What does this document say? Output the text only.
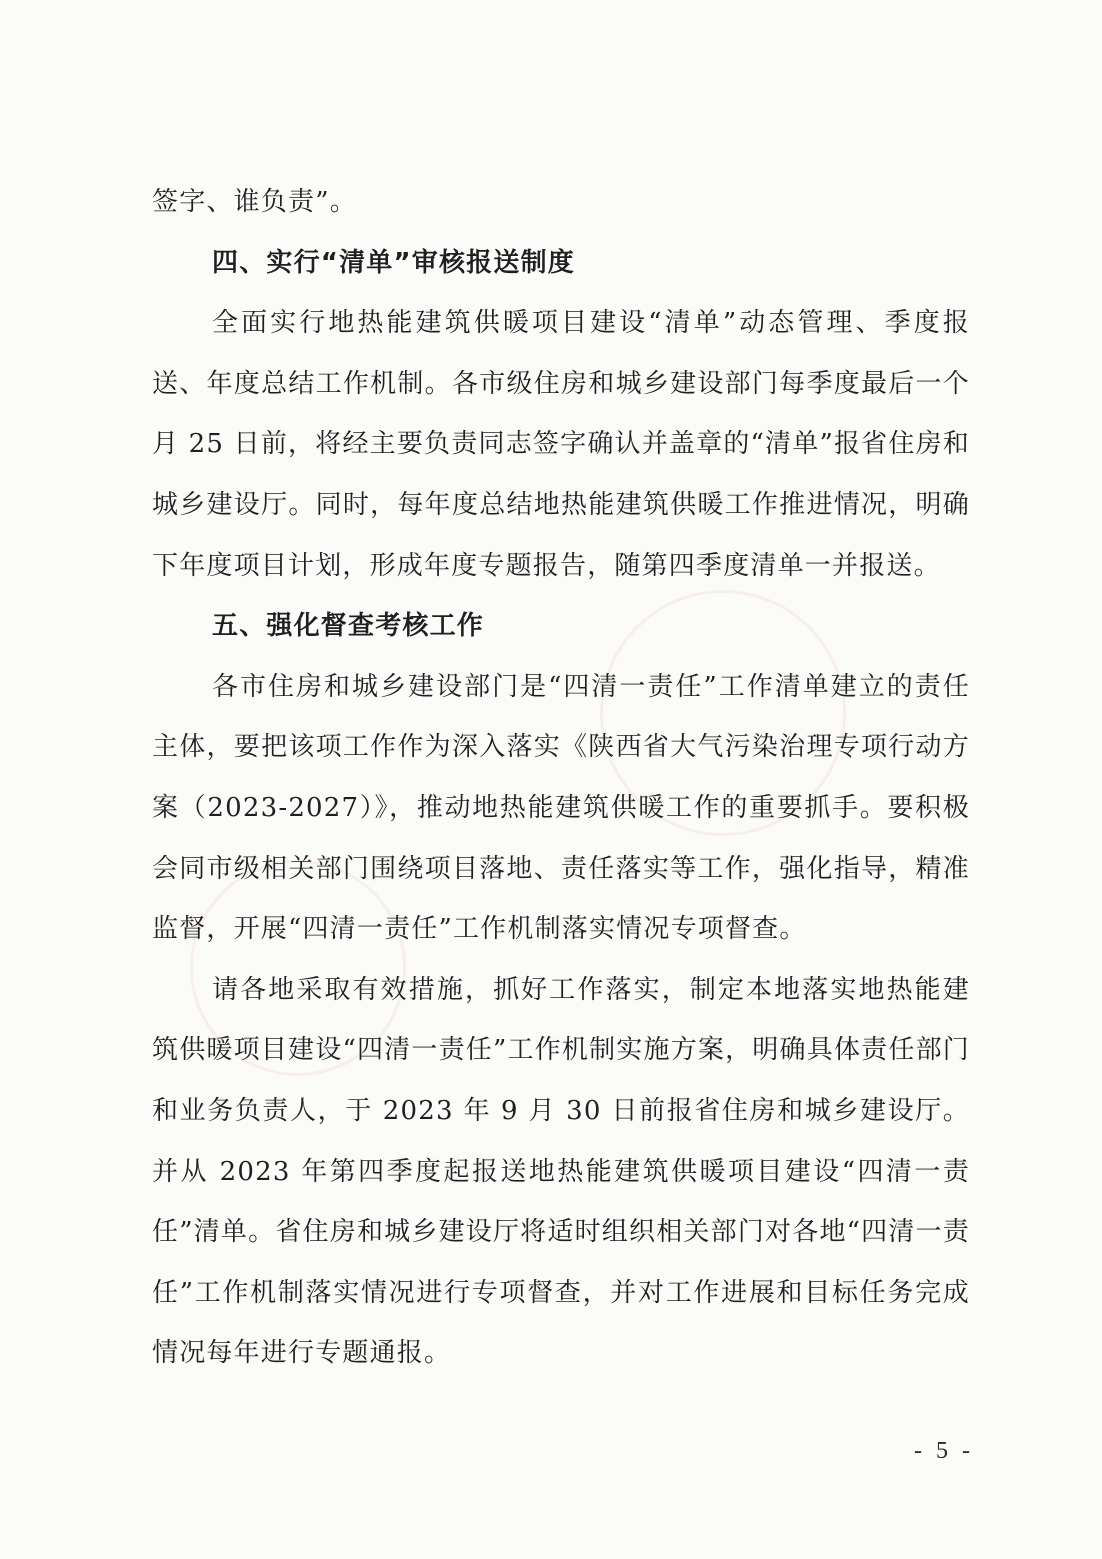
签字、谁负责”。

四、实行“清单”审核报送制度

全面实行地热能建筑供暖项目建设“清单”动态管理、季度报送、年度总结工作机制。各市级住房和城乡建设部门每季度最后一个月 25 日前，将经主要负责同志签字确认并盖章的“清单”报省住房和城乡建设厅。同时，每年度总结地热能建筑供暖工作推进情况，明确下年度项目计划，形成年度专题报告，随第四季度清单一并报送。

五、强化督查考核工作

各市住房和城乡建设部门是“四清一责任”工作清单建立的责任主体，要把该项工作作为深入落实《陕西省大气污染治理专项行动方案（2023-2027）》，推动地热能建筑供暖工作的重要抓手。要积极会同市级相关部门围绕项目落地、责任落实等工作，强化指导，精准监督，开展“四清一责任”工作机制落实情况专项督查。

请各地采取有效措施，抓好工作落实，制定本地落实地热能建筑供暖项目建设“四清一责任”工作机制实施方案，明确具体责任部门和业务负责人，于 2023 年 9 月 30 日前报省住房和城乡建设厅。并从 2023 年第四季度起报送地热能建筑供暖项目建设“四清一责任”清单。省住房和城乡建设厅将适时组织相关部门对各地“四清一责任”工作机制落实情况进行专项督查，并对工作进展和目标任务完成情况每年进行专题通报。

- 5 -
